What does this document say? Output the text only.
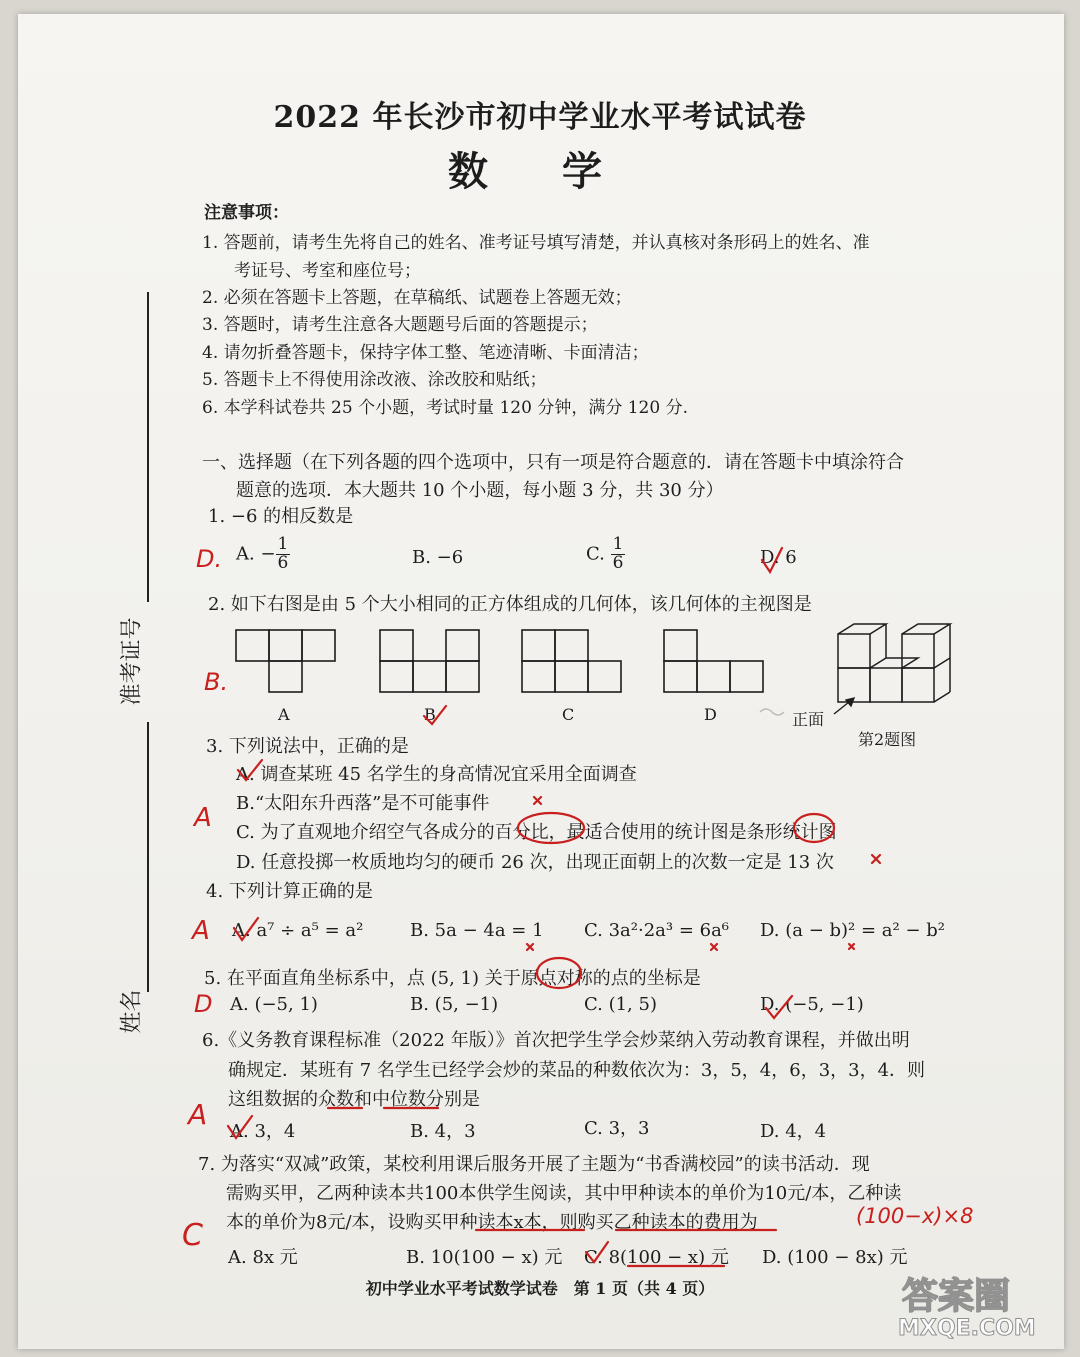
2022 年长沙市初中学业水平考试试卷
数 学
准考证号
姓名
注意事项：
1. 答题前，请考生先将自己的姓名、准考证号填写清楚，并认真核对条形码上的姓名、准
考证号、考室和座位号；
2. 必须在答题卡上答题，在草稿纸、试题卷上答题无效；
3. 答题时，请考生注意各大题题号后面的答题提示；
4. 请勿折叠答题卡，保持字体工整、笔迹清晰、卡面清洁；
5. 答题卡上不得使用涂改液、涂改胶和贴纸；
6. 本学科试卷共 25 个小题，考试时量 120 分钟，满分 120 分.
一、选择题（在下列各题的四个选项中，只有一项是符合题意的．请在答题卡中填涂符合
题意的选项．本大题共 10 个小题，每小题 3 分，共 30 分）
1. −6 的相反数是
A. − $\frac{1}{6}$	B. −6	C. $\frac{1}{6}$	D. 6
2. 如下右图是由 5 个大小相同的正方体组成的几何体，该几何体的主视图是
A	B	C	D	正面
第2题图
3. 下列说法中，正确的是
A. 调查某班 45 名学生的身高情况宜采用全面调查
B.“太阳东升西落”是不可能事件
C. 为了直观地介绍空气各成分的百分比，最适合使用的统计图是条形统计图
D. 任意投掷一枚质地均匀的硬币 26 次，出现正面朝上的次数一定是 13 次
4. 下列计算正确的是
A. a⁷ ÷ a⁵ = a²	B. 5a − 4a = 1 C. 3a²·2a³ = 6a⁶ D. (a − b)² = a² − b²
5. 在平面直角坐标系中，点 (5, 1) 关于原点对称的点的坐标是
A. (−5, 1)	B. (5, −1)	C. (1, 5)	D. (−5, −1)
6.《义务教育课程标准（2022 年版）》首次把学生学会炒菜纳入劳动教育课程，并做出明
确规定．某班有 7 名学生已经学会炒的菜品的种数依次为：3，5，4，6，3，3，4．则
这组数据的众数和中位数分别是
A. 3，4	B. 4，3	C. 3，3	D. 4，4
7. 为落实“双减”政策，某校利用课后服务开展了主题为“书香满校园”的读书活动．现
需购买甲，乙两种读本共100本供学生阅读，其中甲种读本的单价为10元/本，乙种读
本的单价为8元/本，设购买甲种读本x本，则购买乙种读本的费用为
A. 8x 元	B. 10(100 − x) 元 C. 8(100 − x) 元 D. (100 − 8x) 元
D.
B.
A
A
D
A
C
(100−x)×8
初中学业水平考试数学试卷　第 1 页（共 4 页）	答案圈
MXQE.COM
